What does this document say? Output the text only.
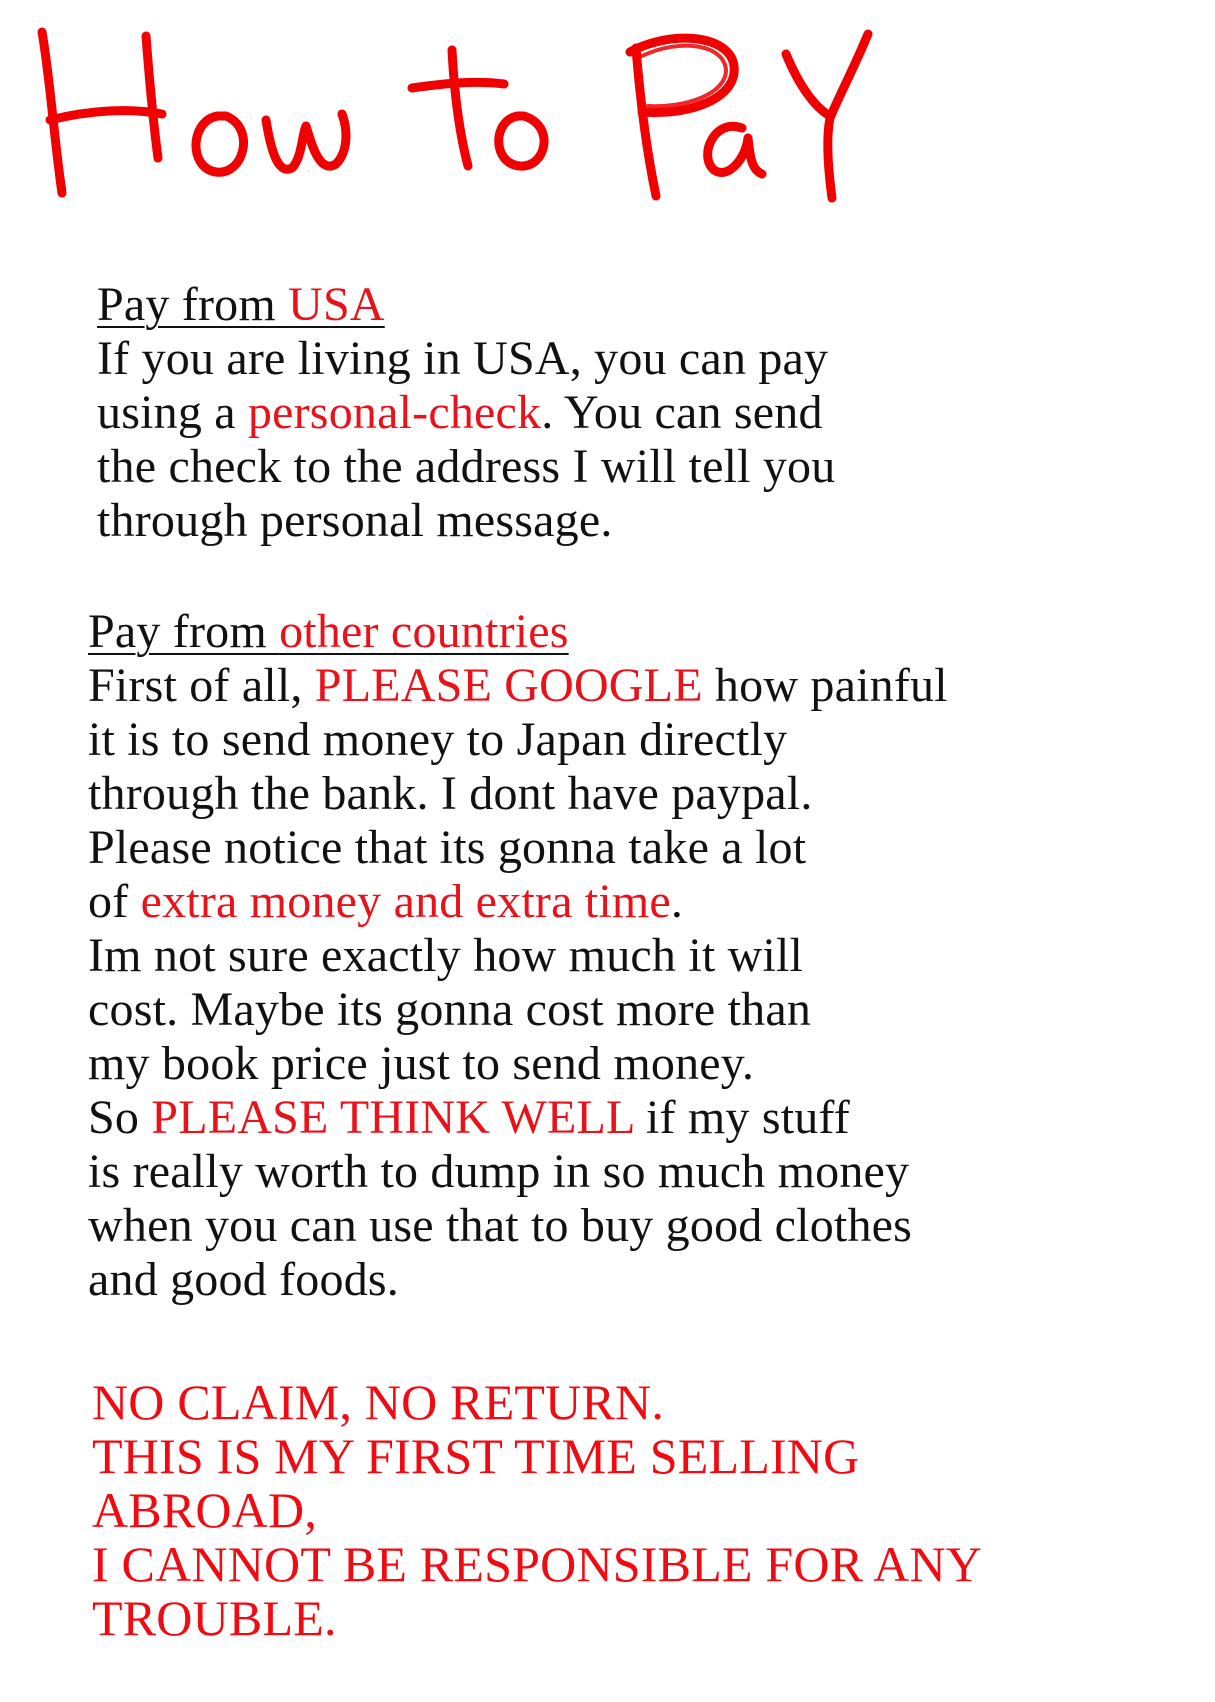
Pay from USA
If you are living in USA, you can pay
using a personal-check. You can send
the check to the address I will tell you
through personal message.
Pay from other countries
First of all, PLEASE GOOGLE how painful
it is to send money to Japan directly
through the bank. I dont have paypal.
Please notice that its gonna take a lot
of extra money and extra time.
Im not sure exactly how much it will
cost. Maybe its gonna cost more than
my book price just to send money.
So PLEASE THINK WELL if my stuff
is really worth to dump in so much money
when you can use that to buy good clothes
and good foods.
NO CLAIM, NO RETURN.
THIS IS MY FIRST TIME SELLING
ABROAD,
I CANNOT BE RESPONSIBLE FOR ANY
TROUBLE.
